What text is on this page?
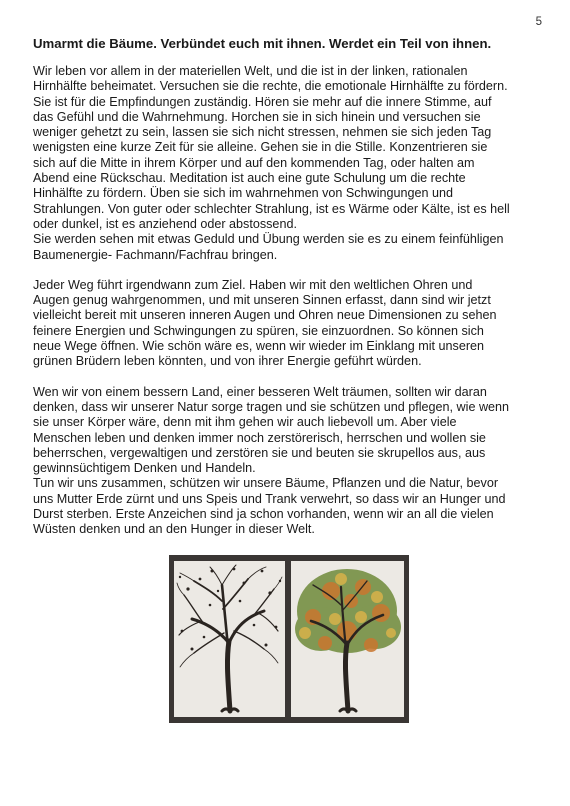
5
Umarmt die Bäume. Verbündet euch mit ihnen. Werdet ein Teil von ihnen.

Wir leben vor allem in der materiellen Welt, und die ist in der linken, rationalen
Hirnhälfte beheimatet. Versuchen sie die rechte, die emotionale Hirnhälfte zu fördern.
Sie ist für die Empfindungen zuständig. Hören sie mehr auf die innere Stimme, auf
das Gefühl und die Wahrnehmung. Horchen sie in sich hinein und versuchen sie
weniger gehetzt zu sein, lassen sie sich nicht stressen, nehmen sie sich jeden Tag
wenigsten eine kurze Zeit für sie alleine. Gehen sie in die Stille. Konzentrieren sie
sich auf die Mitte in ihrem Körper und auf den kommenden Tag, oder halten am
Abend eine Rückschau. Meditation ist auch eine gute Schulung um die rechte
Hinhälfte zu fördern. Üben sie sich im wahrnehmen von Schwingungen und
Strahlungen. Von guter oder schlechter Strahlung, ist es Wärme oder Kälte, ist es hell
oder dunkel, ist es anziehend oder abstossend.
Sie werden sehen mit etwas Geduld und Übung werden sie es zu einem feinfühligen
Baumenergie- Fachmann/Fachfrau bringen.

Jeder Weg führt irgendwann zum Ziel. Haben wir mit den weltlichen Ohren und
Augen genug wahrgenommen, und mit unseren Sinnen erfasst, dann sind wir jetzt
vielleicht bereit mit unseren inneren Augen und Ohren neue Dimensionen zu sehen
feinere Energien und Schwingungen zu spüren, sie einzuordnen. So können sich
neue Wege öffnen. Wie schön wäre es, wenn wir wieder im Einklang mit unseren
grünen Brüdern leben könnten, und von ihrer Energie geführt würden.

Wen wir von einem bessern Land, einer besseren Welt träumen, sollten wir daran
denken, dass wir unserer Natur sorge tragen und sie schützen und pflegen, wie wenn
sie unser Körper wäre, denn mit ihm gehen wir auch liebevoll um. Aber viele
Menschen leben und denken immer noch zerstörerisch, herrschen und wollen sie
beherrschen, vergewaltigen und zerstören sie und beuten sie skrupellos aus, aus
gewinnsüchtigem Denken und Handeln.
Tun wir uns zusammen, schützen wir unsere Bäume, Pflanzen und die Natur, bevor
uns Mutter Erde zürnt und uns Speis und Trank verwehrt, so dass wir an Hunger und
Durst sterben. Erste Anzeichen sind ja schon vorhanden, wenn wir an all die vielen
Wüsten denken und an den Hunger in dieser Welt.
